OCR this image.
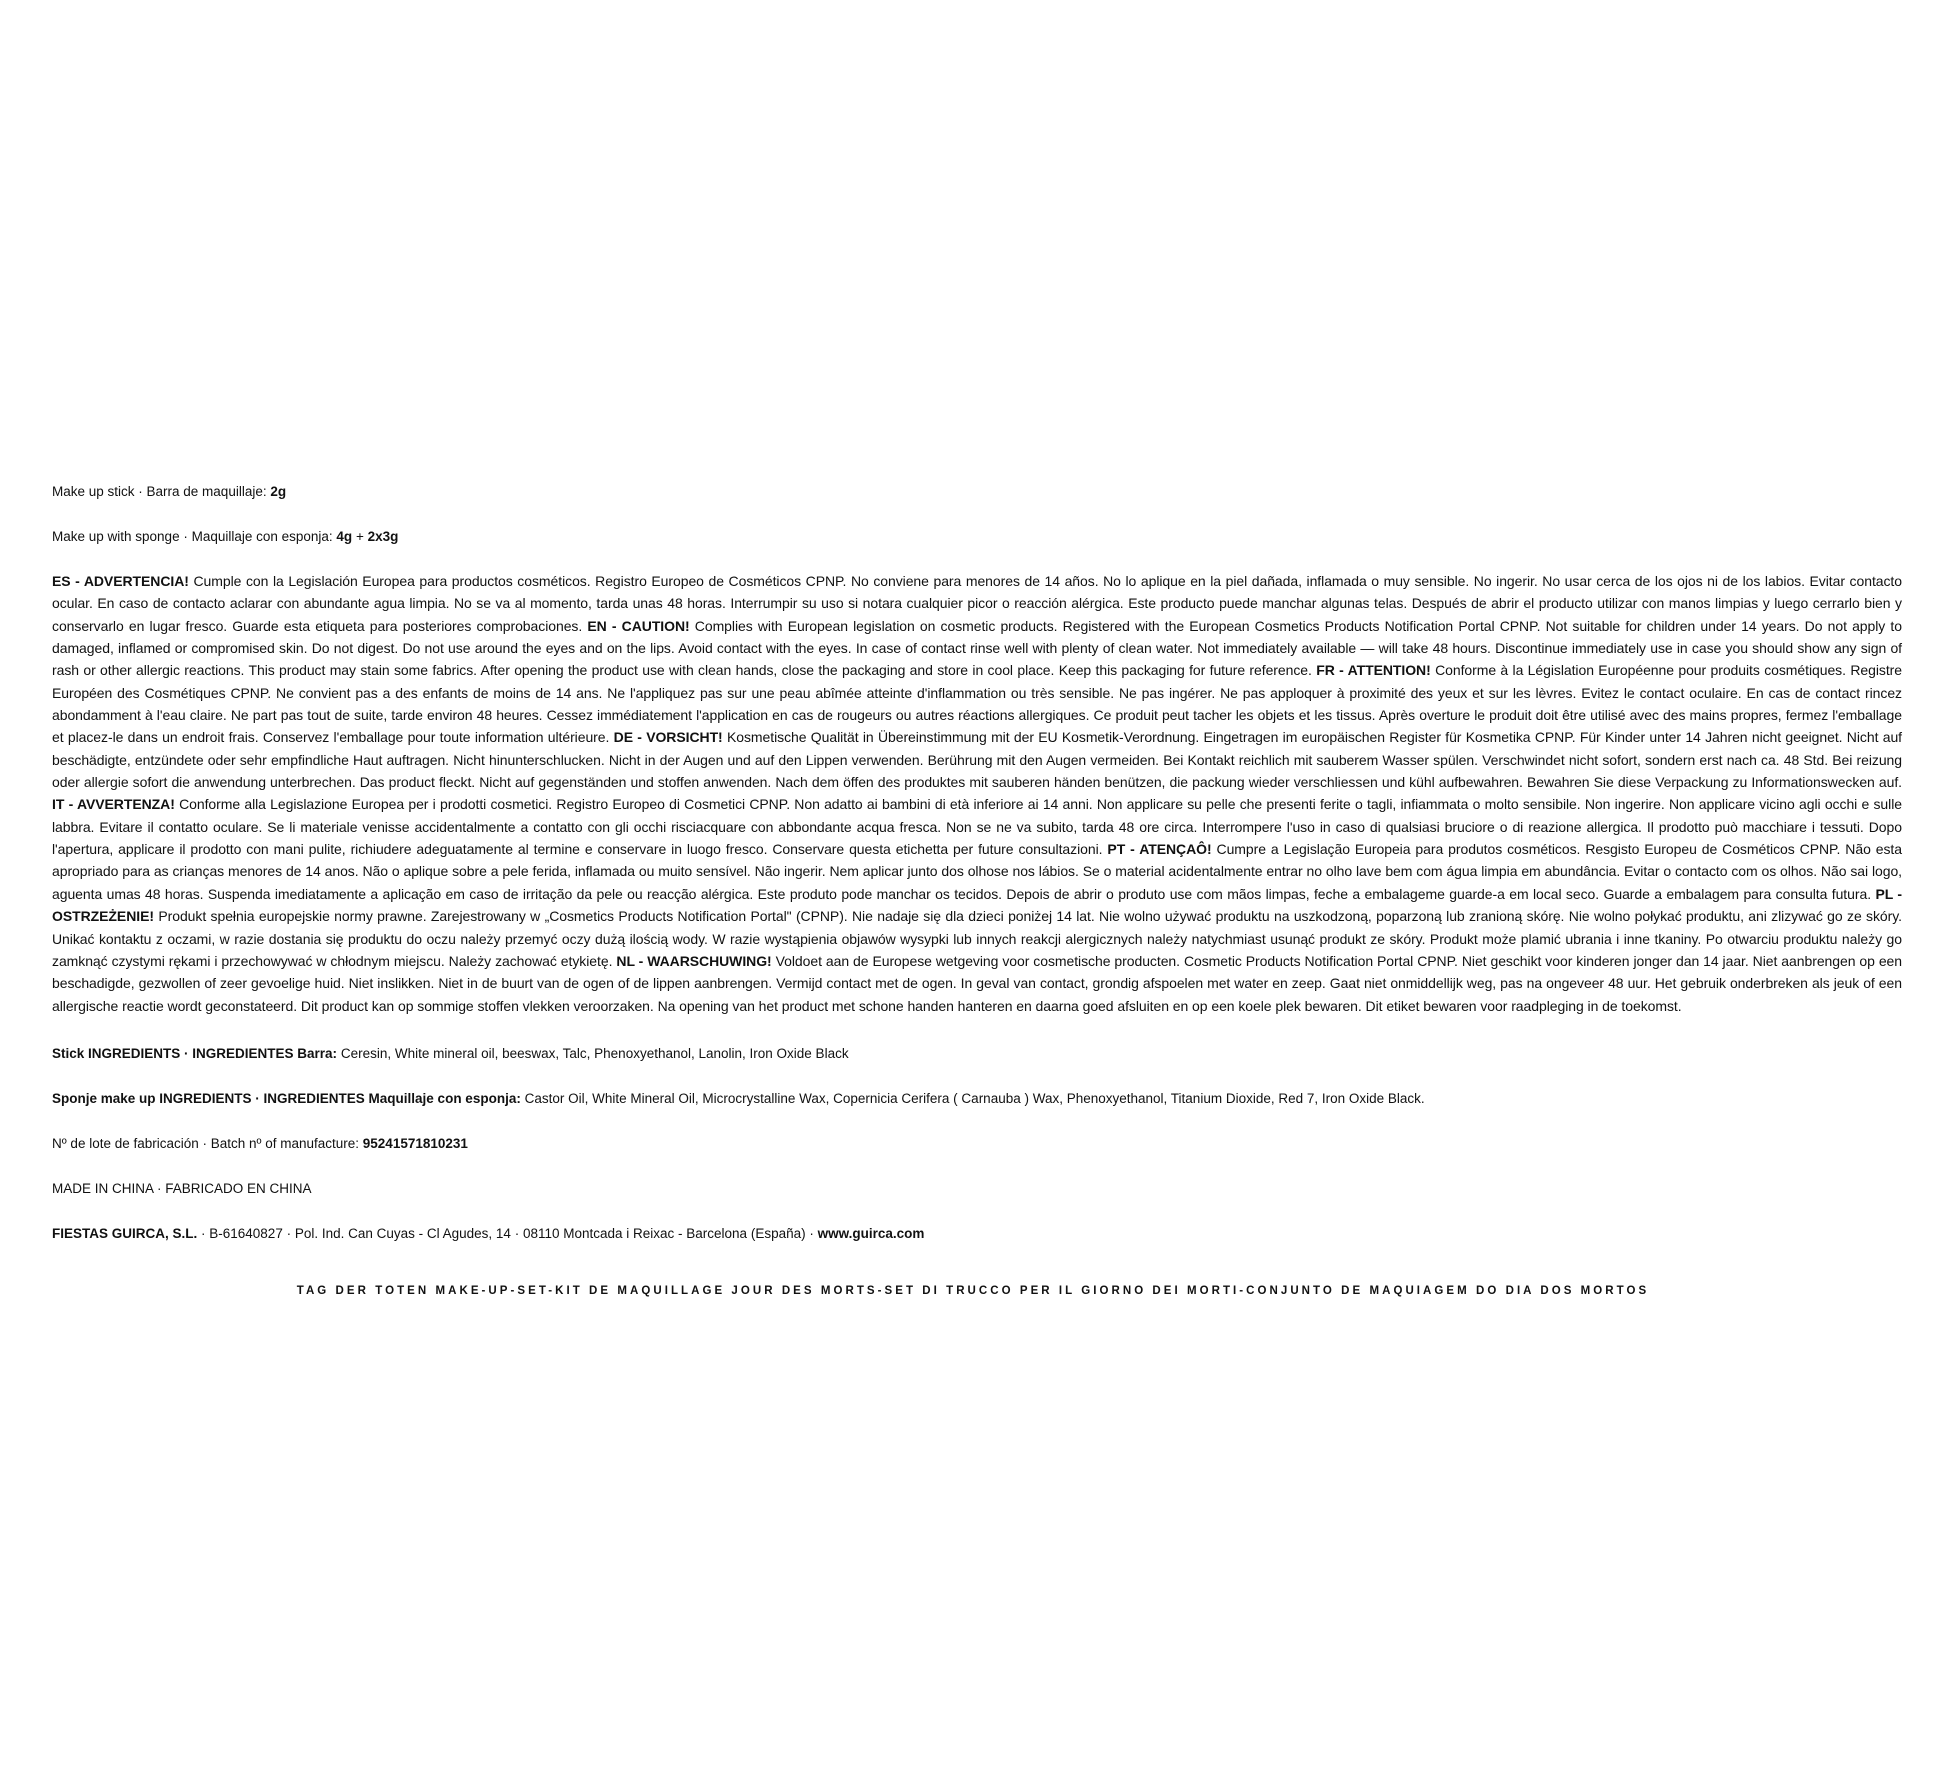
Make up stick · Barra de maquillaje: 2g
Make up with sponge · Maquillaje con esponja: 4g + 2x3g
ES - ADVERTENCIA! Cumple con la Legislación Europea para productos cosméticos. Registro Europeo de Cosméticos CPNP. No conviene para menores de 14 años. No lo aplique en la piel dañada, inflamada o muy sensible. No ingerir. No usar cerca de los ojos ni de los labios. Evitar contacto ocular. En caso de contacto aclarar con abundante agua limpia. No se va al momento, tarda unas 48 horas. Interrumpir su uso si notara cualquier picor o reacción alérgica. Este producto puede manchar algunas telas. Después de abrir el producto utilizar con manos limpias y luego cerrarlo bien y conservarlo en lugar fresco. Guarde esta etiqueta para posteriores comprobaciones. EN - CAUTION! Complies with European legislation on cosmetic products. Registered with the European Cosmetics Products Notification Portal CPNP. Not suitable for children under 14 years. Do not apply to damaged, inflamed or compromised skin. Do not digest. Do not use around the eyes and on the lips. Avoid contact with the eyes. In case of contact rinse well with plenty of clean water. Not immediately available — will take 48 hours. Discontinue immediately use in case you should show any sign of rash or other allergic reactions. This product may stain some fabrics. After opening the product use with clean hands, close the packaging and store in cool place. Keep this packaging for future reference. FR - ATTENTION! Conforme à la Législation Européenne pour produits cosmétiques. Registre Européen des Cosmétiques CPNP. Ne convient pas a des enfants de moins de 14 ans. Ne l'appliquez pas sur une peau abîmée atteinte d'inflammation ou très sensible. Ne pas ingérer. Ne pas apploquer à proximité des yeux et sur les lèvres. Evitez le contact oculaire. En cas de contact rincez abondamment à l'eau claire. Ne part pas tout de suite, tarde environ 48 heures. Cessez immédiatement l'application en cas de rougeurs ou autres réactions allergiques. Ce produit peut tacher les objets et les tissus. Après overture le produit doit être utilisé avec des mains propres, fermez l'emballage et placez-le dans un endroit frais. Conservez l'emballage pour toute information ultérieure. DE - VORSICHT! Kosmetische Qualität in Übereinstimmung mit der EU Kosmetik-Verordnung. Eingetragen im europäischen Register für Kosmetika CPNP. Für Kinder unter 14 Jahren nicht geeignet. Nicht auf beschädigte, entzündete oder sehr empfindliche Haut auftragen. Nicht hinunterschlucken. Nicht in der Augen und auf den Lippen verwenden. Berührung mit den Augen vermeiden. Bei Kontakt reichlich mit sauberem Wasser spülen. Verschwindet nicht sofort, sondern erst nach ca. 48 Std. Bei reizung oder allergie sofort die anwendung unterbrechen. Das product fleckt. Nicht auf gegenständen und stoffen anwenden. Nach dem öffen des produktes mit sauberen händen benützen, die packung wieder verschliessen und kühl aufbewahren. Bewahren Sie diese Verpackung zu Informationswecken auf. IT - AVVERTENZA! Conforme alla Legislazione Europea per i prodotti cosmetici. Registro Europeo di Cosmetici CPNP. Non adatto ai bambini di età inferiore ai 14 anni. Non applicare su pelle che presenti ferite o tagli, infiammata o molto sensibile. Non ingerire. Non applicare vicino agli occhi e sulle labbra. Evitare il contatto oculare. Se li materiale venisse accidentalmente a contatto con gli occhi risciacquare con abbondante acqua fresca. Non se ne va subito, tarda 48 ore circa. Interrompere l'uso in caso di qualsiasi bruciore o di reazione allergica. Il prodotto può macchiare i tessuti. Dopo l'apertura, applicare il prodotto con mani pulite, richiudere adeguatamente al termine e conservare in luogo fresco. Conservare questa etichetta per future consultazioni. PT - ATENÇAÔ! Cumpre a Legislação Europeia para produtos cosméticos. Resgisto Europeu de Cosméticos CPNP. Não esta apropriado para as crianças menores de 14 anos. Não o aplique sobre a pele ferida, inflamada ou muito sensível. Não ingerir. Nem aplicar junto dos olhose nos lábios. Se o material acidentalmente entrar no olho lave bem com água limpia em abundância. Evitar o contacto com os olhos. Não sai logo, aguenta umas 48 horas. Suspenda imediatamente a aplicação em caso de irritação da pele ou reacção alérgica. Este produto pode manchar os tecidos. Depois de abrir o produto use com mãos limpas, feche a embalageme guarde-a em local seco. Guarde a embalagem para consulta futura. PL - OSTRZEŻENIE! Produkt spełnia europejskie normy prawne. Zarejestrowany w „Cosmetics Products Notification Portal" (CPNP). Nie nadaje się dla dzieci poniżej 14 lat. Nie wolno używać produktu na uszkodzoną, poparzoną lub zranioną skórę. Nie wolno połykać produktu, ani zlizywać go ze skóry. Unikać kontaktu z oczami, w razie dostania się produktu do oczu należy przemyć oczy dużą ilością wody. W razie wystąpienia objawów wysypki lub innych reakcji alergicznych należy natychmiast usunąć produkt ze skóry. Produkt może plamić ubrania i inne tkaniny. Po otwarciu produktu należy go zamknąć czystymi rękami i przechowywać w chłodnym miejscu. Należy zachować etykietę. NL - WAARSCHUWING! Voldoet aan de Europese wetgeving voor cosmetische producten. Cosmetic Products Notification Portal CPNP. Niet geschikt voor kinderen jonger dan 14 jaar. Niet aanbrengen op een beschadigde, gezwollen of zeer gevoelige huid. Niet inslikken. Niet in de buurt van de ogen of de lippen aanbrengen. Vermijd contact met de ogen. In geval van contact, grondig afspoelen met water en zeep. Gaat niet onmiddellijk weg, pas na ongeveer 48 uur. Het gebruik onderbreken als jeuk of een allergische reactie wordt geconstateerd. Dit product kan op sommige stoffen vlekken veroorzaken. Na opening van het product met schone handen hanteren en daarna goed afsluiten en op een koele plek bewaren. Dit etiket bewaren voor raadpleging in de toekomst.
Stick INGREDIENTS · INGREDIENTES Barra: Ceresin, White mineral oil, beeswax, Talc, Phenoxyethanol, Lanolin, Iron Oxide Black
Sponje make up INGREDIENTS · INGREDIENTES Maquillaje con esponja: Castor Oil, White Mineral Oil, Microcrystalline Wax, Copernicia Cerifera ( Carnauba ) Wax, Phenoxyethanol, Titanium Dioxide, Red 7, Iron Oxide Black.
Nº de lote de fabricación · Batch nº of manufacture: 95241571810231
MADE IN CHINA · FABRICADO EN CHINA
FIESTAS GUIRCA, S.L. · B-61640827 · Pol. Ind. Can Cuyas - Cl Agudes, 14 · 08110 Montcada i Reixac - Barcelona (España) · www.guirca.com
TAG DER TOTEN MAKE-UP-SET-KIT DE MAQUILLAGE JOUR DES MORTS-SET DI TRUCCO PER IL GIORNO DEI MORTI-CONJUNTO DE MAQUIAGEM DO DIA DOS MORTOS
